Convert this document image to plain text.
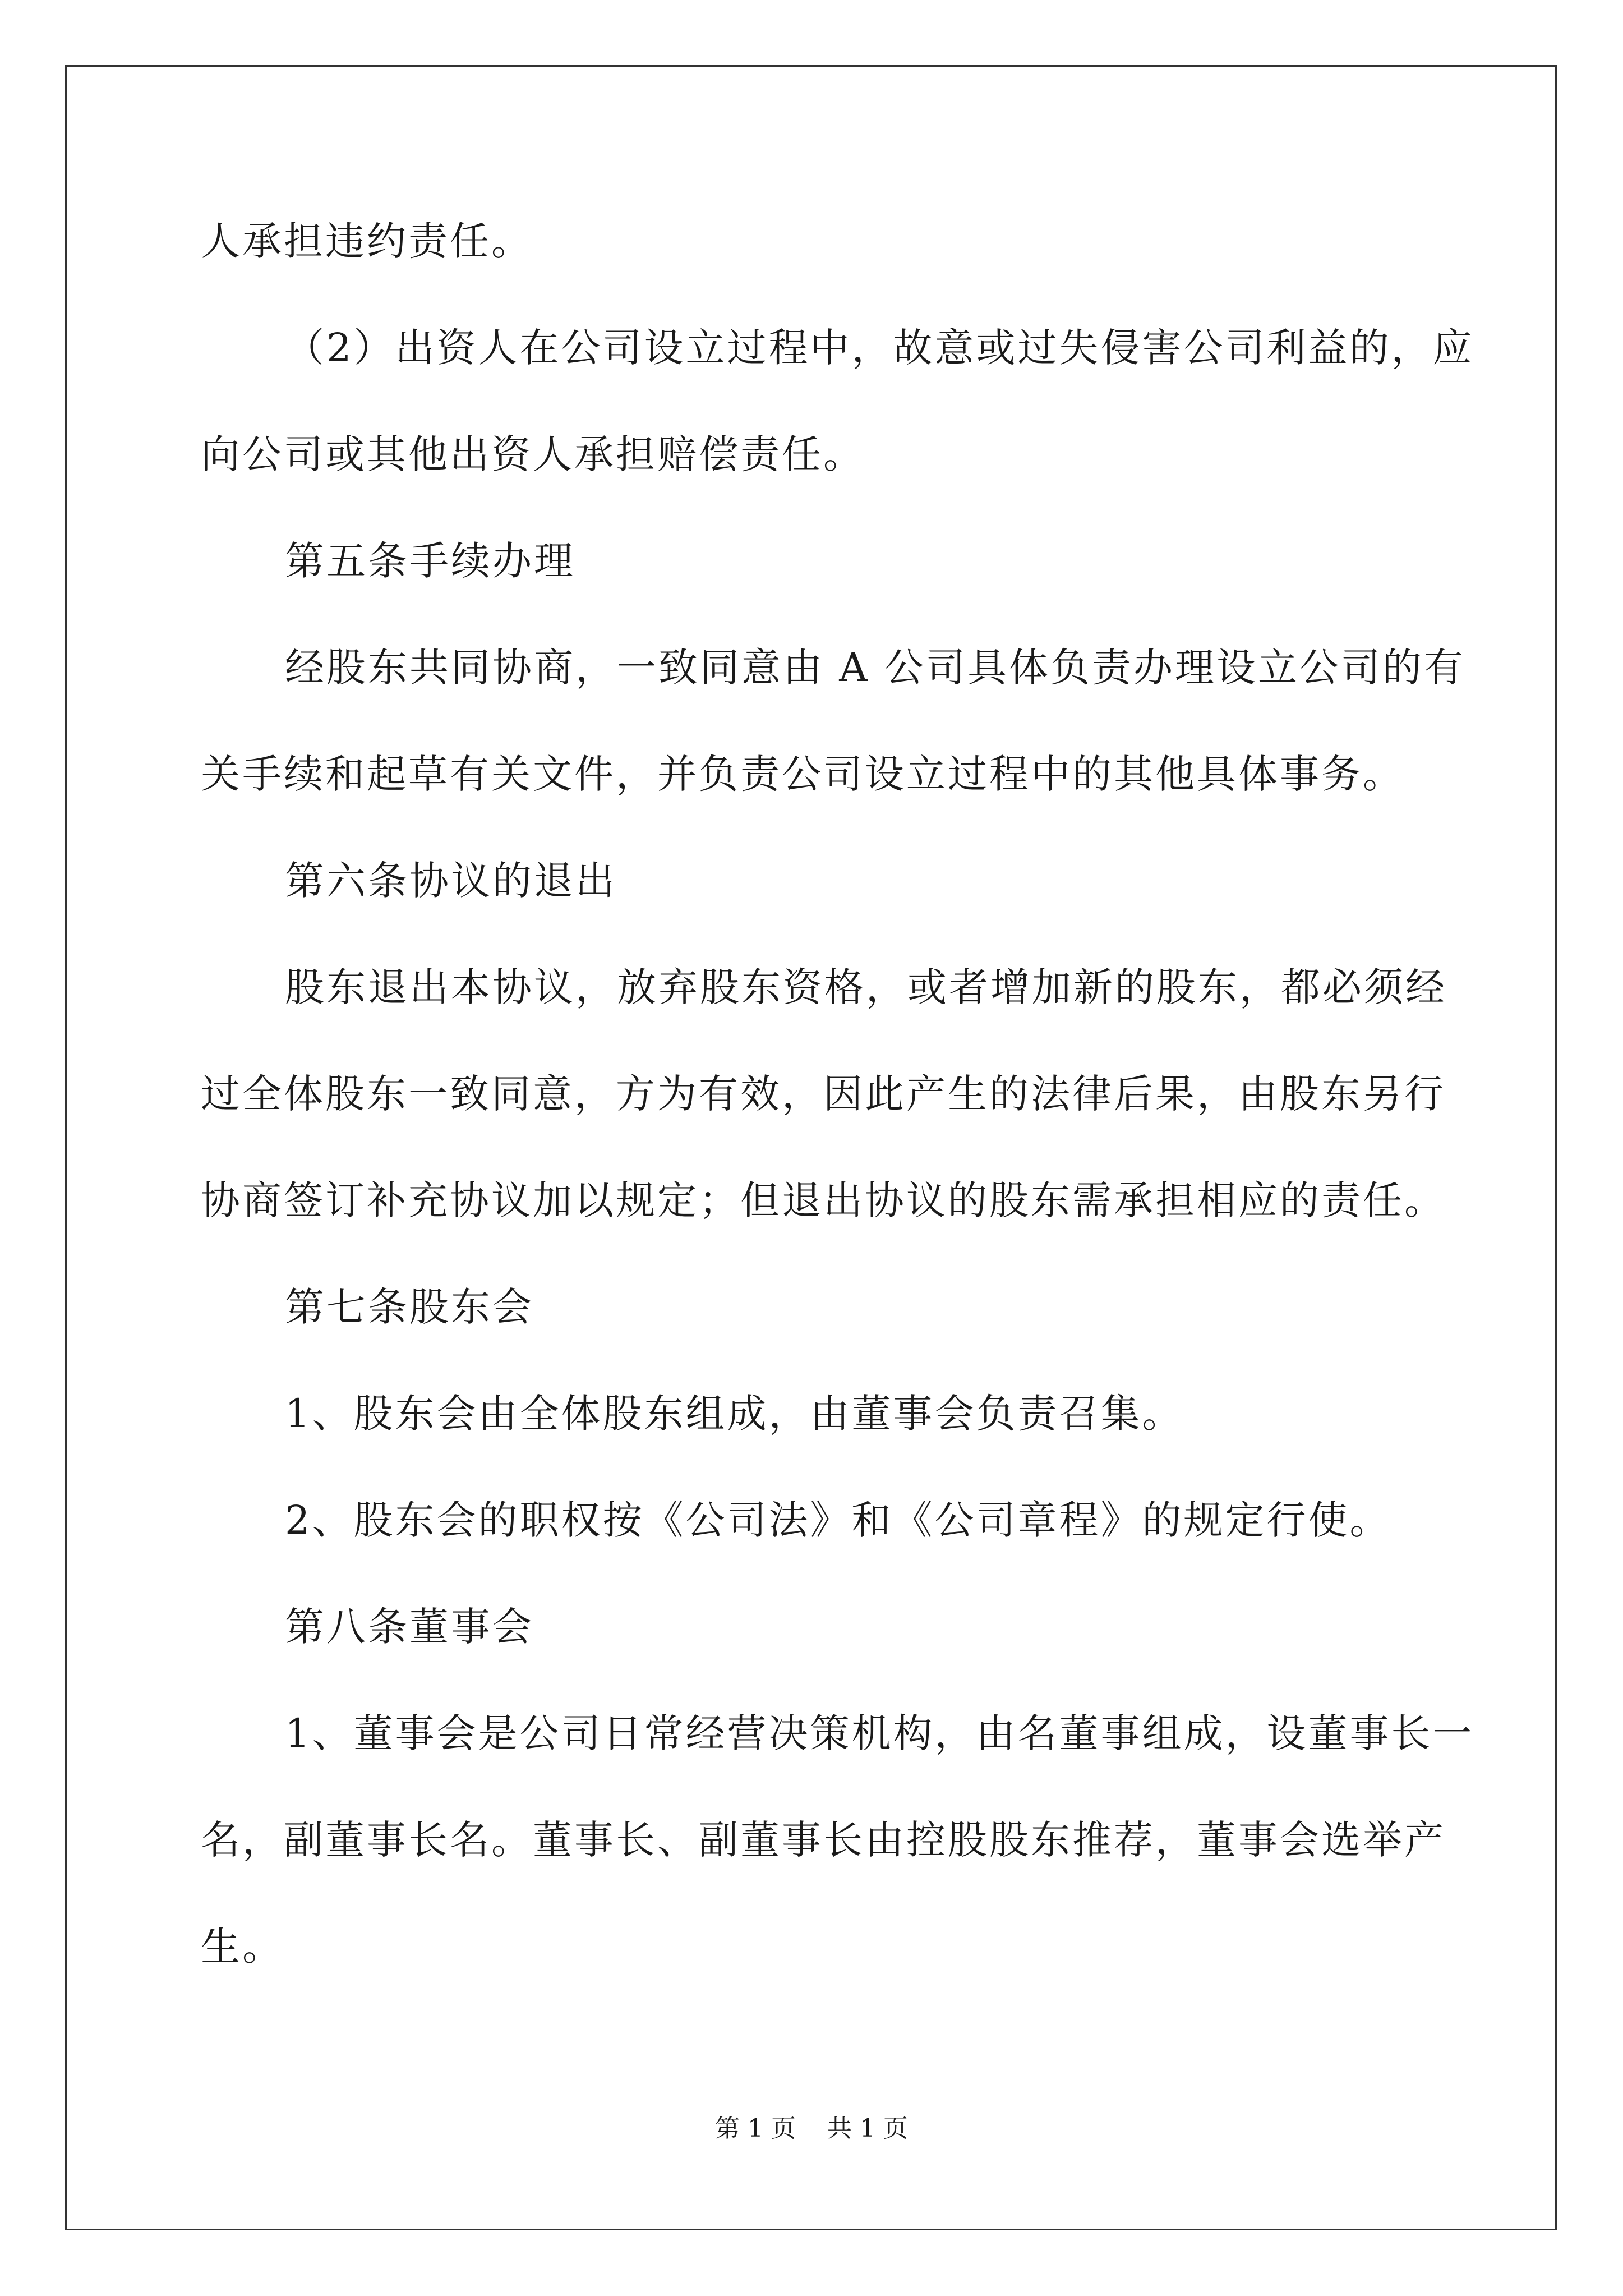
人承担违约责任。
（2）出资人在公司设立过程中，故意或过失侵害公司利益的，应
向公司或其他出资人承担赔偿责任。
第五条手续办理
经股东共同协商，一致同意由 A 公司具体负责办理设立公司的有
关手续和起草有关文件，并负责公司设立过程中的其他具体事务。
第六条协议的退出
股东退出本协议，放弃股东资格，或者增加新的股东，都必须经
过全体股东一致同意，方为有效，因此产生的法律后果，由股东另行
协商签订补充协议加以规定；但退出协议的股东需承担相应的责任。
第七条股东会
1、股东会由全体股东组成，由董事会负责召集。
2、股东会的职权按《公司法》和《公司章程》的规定行使。
第八条董事会
1、董事会是公司日常经营决策机构，由名董事组成，设董事长一
名，副董事长名。董事长、副董事长由控股股东推荐，董事会选举产
生。
第 1 页    共 1 页
